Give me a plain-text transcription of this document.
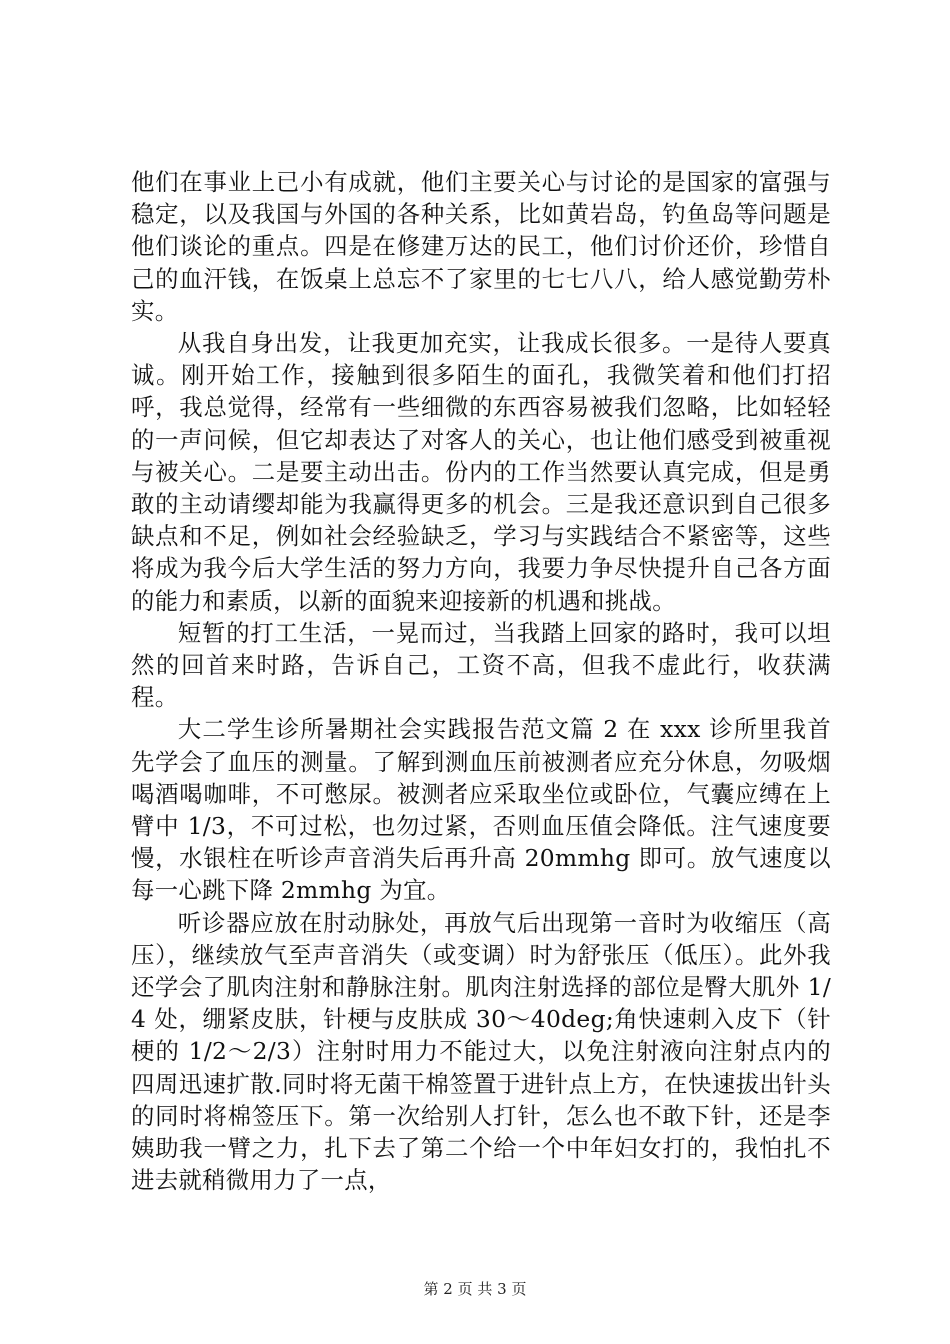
他们在事业上已小有成就，他们主要关心与讨论的是国家的富强与稳定，以及我国与外国的各种关系，比如黄岩岛，钓鱼岛等问题是他们谈论的重点。四是在修建万达的民工，他们讨价还价，珍惜自己的血汗钱，在饭桌上总忘不了家里的七七八八，给人感觉勤劳朴实。

从我自身出发，让我更加充实，让我成长很多。一是待人要真诚。刚开始工作，接触到很多陌生的面孔，我微笑着和他们打招呼，我总觉得，经常有一些细微的东西容易被我们忽略，比如轻轻的一声问候，但它却表达了对客人的关心，也让他们感受到被重视与被关心。二是要主动出击。份内的工作当然要认真完成，但是勇敢的主动请缨却能为我赢得更多的机会。三是我还意识到自己很多缺点和不足，例如社会经验缺乏，学习与实践结合不紧密等，这些将成为我今后大学生活的努力方向，我要力争尽快提升自己各方面的能力和素质，以新的面貌来迎接新的机遇和挑战。

短暂的打工生活，一晃而过，当我踏上回家的路时，我可以坦然的回首来时路，告诉自己，工资不高，但我不虚此行，收获满程。

大二学生诊所暑期社会实践报告范文篇 2 在 xxx 诊所里我首先学会了血压的测量。了解到测血压前被测者应充分休息，勿吸烟喝酒喝咖啡，不可憋尿。被测者应采取坐位或卧位，气囊应缚在上臂中 1/3，不可过松，也勿过紧，否则血压值会降低。注气速度要慢，水银柱在听诊声音消失后再升高 20mmhg 即可。放气速度以每一心跳下降 2mmhg 为宜。

听诊器应放在肘动脉处，再放气后出现第一音时为收缩压（高压），继续放气至声音消失（或变调）时为舒张压（低压）。此外我还学会了肌肉注射和静脉注射。肌肉注射选择的部位是臀大肌外 1/4 处，绷紧皮肤，针梗与皮肤成 30～40deg;角快速刺入皮下（针梗的 1/2～2/3）注射时用力不能过大，以免注射液向注射点内的四周迅速扩散.同时将无菌干棉签置于进针点上方，在快速拔出针头的同时将棉签压下。第一次给别人打针，怎么也不敢下针，还是李姨助我一臂之力，扎下去了第二个给一个中年妇女打的，我怕扎不进去就稍微用力了一点，

第 2 页 共 3 页
